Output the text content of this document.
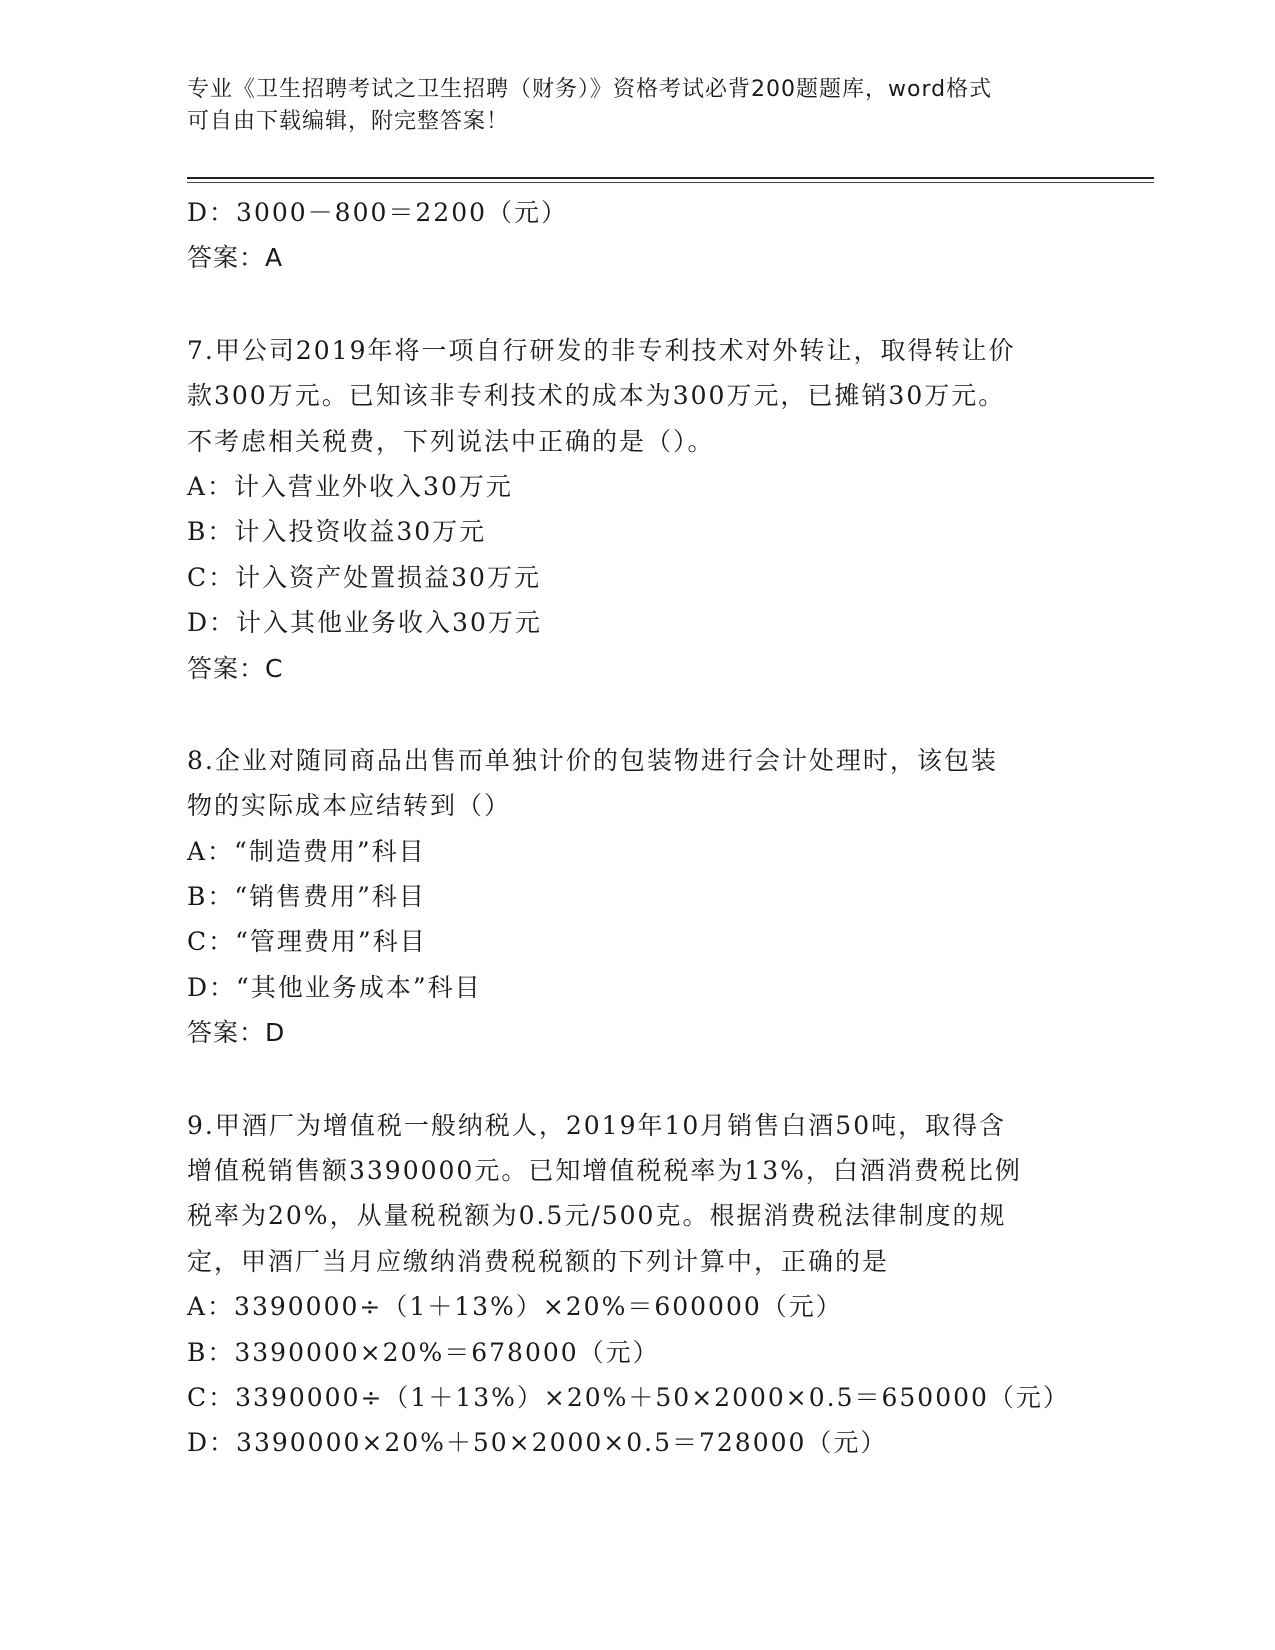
专业《卫生招聘考试之卫生招聘（财务）》资格考试必背200题题库，word格式
可自由下载编辑，附完整答案！
D：3000－800＝2200（元）
答案：A
7.甲公司2019年将一项自行研发的非专利技术对外转让，取得转让价
款300万元。已知该非专利技术的成本为300万元，已摊销30万元。
不考虑相关税费，下列说法中正确的是（）。
A：计入营业外收入30万元
B：计入投资收益30万元
C：计入资产处置损益30万元
D：计入其他业务收入30万元
答案：C
8.企业对随同商品出售而单独计价的包装物进行会计处理时，该包装
物的实际成本应结转到（）
A：“制造费用”科目
B：“销售费用”科目
C：“管理费用”科目
D：“其他业务成本”科目
答案：D
9.甲酒厂为增值税一般纳税人，2019年10月销售白酒50吨，取得含
增值税销售额3390000元。已知增值税税率为13%，白酒消费税比例
税率为20%，从量税税额为0.5元/500克。根据消费税法律制度的规
定，甲酒厂当月应缴纳消费税税额的下列计算中，正确的是
A：3390000÷（1＋13%）×20%＝600000（元）
B：3390000×20%＝678000（元）
C：3390000÷（1＋13%）×20%＋50×2000×0.5＝650000（元）
D：3390000×20%＋50×2000×0.5＝728000（元）
